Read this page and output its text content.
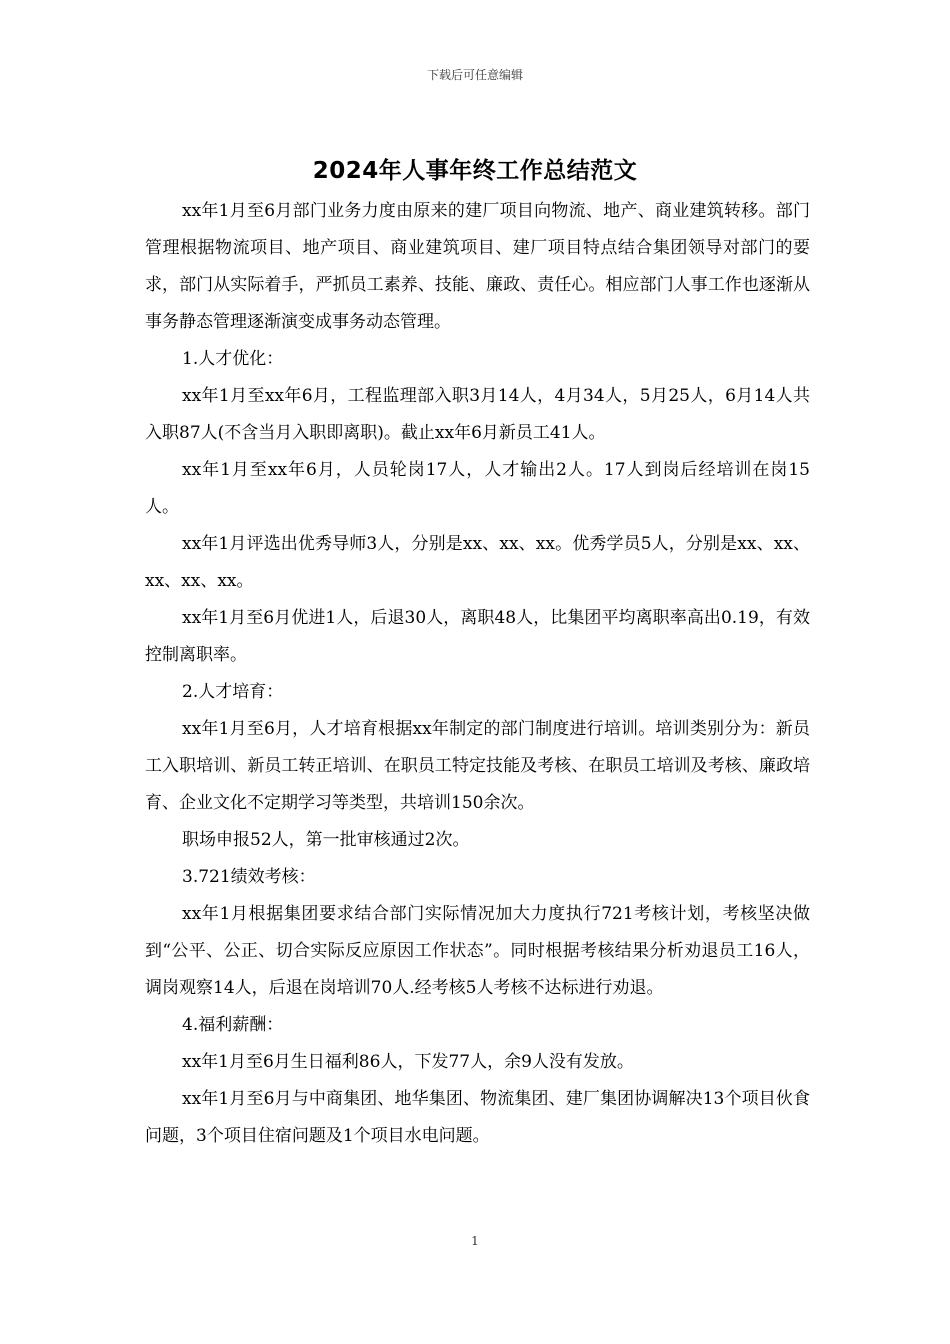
下载后可任意编辑
2024年人事年终工作总结范文

xx年1月至6月部门业务力度由原来的建厂项目向物流、地产、商业建筑转移。部门管理根据物流项目、地产项目、商业建筑项目、建厂项目特点结合集团领导对部门的要求，部门从实际着手，严抓员工素养、技能、廉政、责任心。相应部门人事工作也逐渐从事务静态管理逐渐演变成事务动态管理。

1.人才优化：

xx年1月至xx年6月，工程监理部入职3月14人，4月34人，5月25人，6月14人共入职87人(不含当月入职即离职)。截止xx年6月新员工41人。

xx年1月至xx年6月，人员轮岗17人，人才输出2人。17人到岗后经培训在岗15人。

xx年1月评选出优秀导师3人，分别是xx、xx、xx。优秀学员5人，分别是xx、xx、xx、xx、xx。

xx年1月至6月优进1人，后退30人，离职48人，比集团平均离职率高出0.19，有效控制离职率。

2.人才培育：

xx年1月至6月，人才培育根据xx年制定的部门制度进行培训。培训类别分为：新员工入职培训、新员工转正培训、在职员工特定技能及考核、在职员工培训及考核、廉政培育、企业文化不定期学习等类型，共培训150余次。

职场申报52人，第一批审核通过2次。

3.721绩效考核：

xx年1月根据集团要求结合部门实际情况加大力度执行721考核计划，考核坚决做到“公平、公正、切合实际反应原因工作状态”。同时根据考核结果分析劝退员工16人，调岗观察14人，后退在岗培训70人.经考核5人考核不达标进行劝退。

4.福利薪酬：

xx年1月至6月生日福利86人，下发77人，余9人没有发放。

xx年1月至6月与中商集团、地华集团、物流集团、建厂集团协调解决13个项目伙食问题，3个项目住宿问题及1个项目水电问题。

1
